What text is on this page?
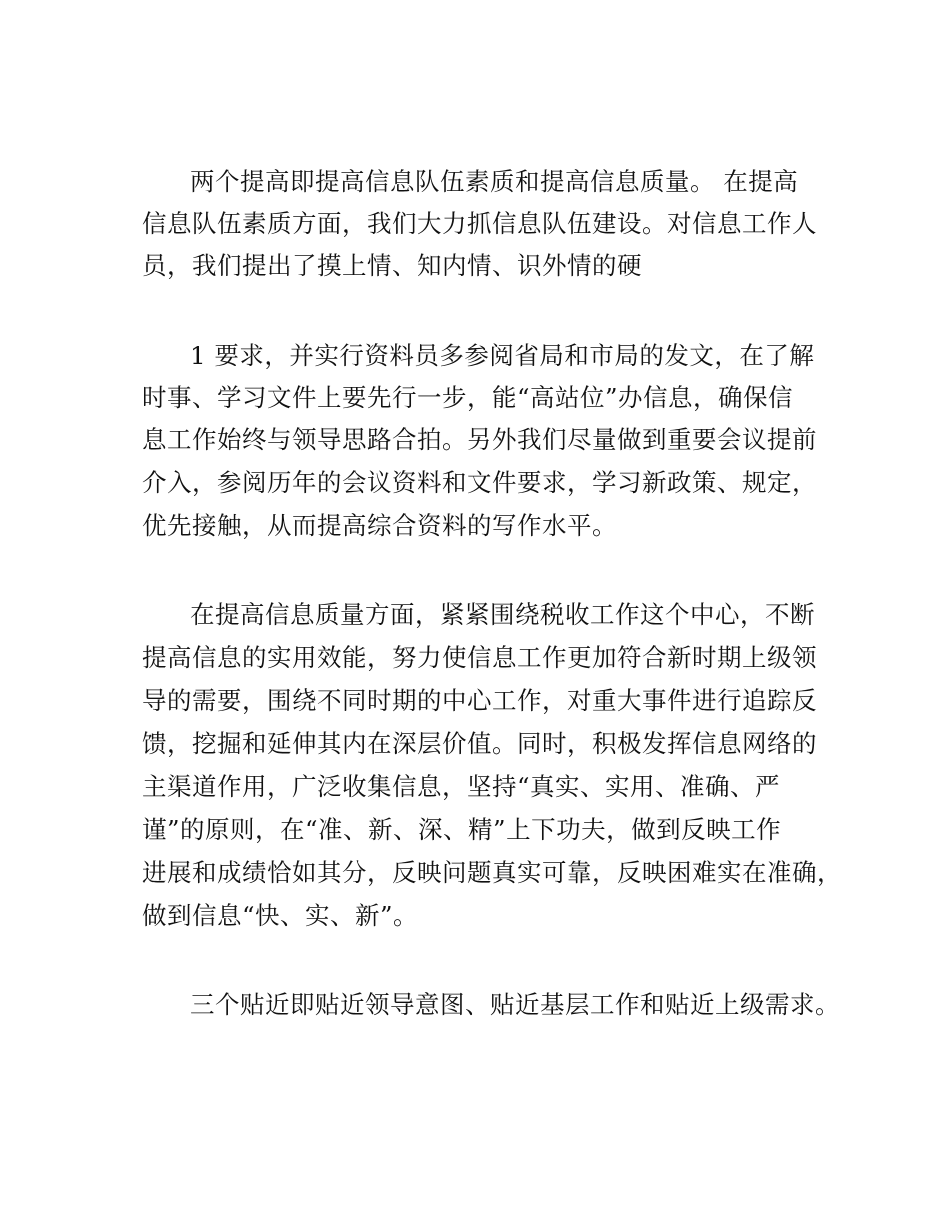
两个提高即提高信息队伍素质和提高信息质量。 在提高

信息队伍素质方面，我们大力抓信息队伍建设。对信息工作人

员，我们提出了摸上情、知内情、识外情的硬

1 要求，并实行资料员多参阅省局和市局的发文，在了解

时事、学习文件上要先行一步，能“高站位”办信息，确保信

息工作始终与领导思路合拍。另外我们尽量做到重要会议提前

介入，参阅历年的会议资料和文件要求，学习新政策、规定，

优先接触，从而提高综合资料的写作水平。

在提高信息质量方面，紧紧围绕税收工作这个中心，不断

提高信息的实用效能，努力使信息工作更加符合新时期上级领

导的需要，围绕不同时期的中心工作，对重大事件进行追踪反

馈，挖掘和延伸其内在深层价值。同时，积极发挥信息网络的

主渠道作用，广泛收集信息，坚持“真实、实用、准确、严

谨”的原则，在“准、新、深、精”上下功夫，做到反映工作

进展和成绩恰如其分，反映问题真实可靠，反映困难实在准确，

做到信息“快、实、新”。

三个贴近即贴近领导意图、贴近基层工作和贴近上级需求。
